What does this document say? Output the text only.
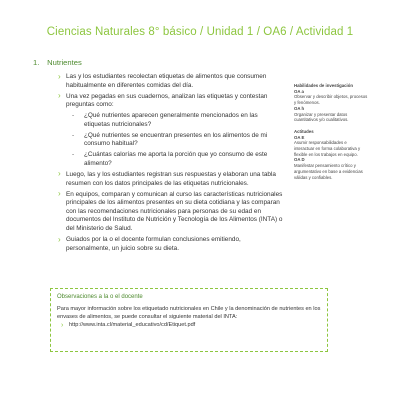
Ciencias Naturales 8° básico / Unidad 1 / OA6 / Actividad 1
1. Nutrientes
› Las y los estudiantes recolectan etiquetas de alimentos que consumen habitualmente en diferentes comidas del día.
› Una vez pegadas en sus cuadernos, analizan las etiquetas y contestan preguntas como:
- ¿Qué nutrientes aparecen generalmente mencionados en las etiquetas nutricionales?
- ¿Qué nutrientes se encuentran presentes en los alimentos de mi consumo habitual?
- ¿Cuántas calorías me aporta la porción que yo consumo de este alimento?
› Luego, las y los estudiantes registran sus respuestas y elaboran una tabla resumen con los datos principales de las etiquetas nutricionales.
› En equipos, comparan y comunican al curso las características nutricionales principales de los alimentos presentes en su dieta cotidiana y las comparan con las recomendaciones nutricionales para personas de su edad en documentos del Instituto de Nutrición y Tecnología de los Alimentos (INTA) o del Ministerio de Salud.
› Guiados por la o el docente formulan conclusiones emitiendo, personalmente, un juicio sobre su dieta.
Habilidades de investigación
OA a
Observar y describir objetos, procesos y fenómenos.
OA h
Organizar y presentar datos cuantitativos y/o cualitativos.
Actitudes
OA E
Asumir responsabilidades e interactuar en forma colaborativa y flexible en los trabajos en equipo.
OA D
Manifestar pensamiento crítico y argumentativo en base a evidencias válidas y confiables.
Observaciones a la o el docente
Para mayor información sobre los etiquetado nutricionales en Chile y la denominación de nutrientes en los envases de alimentos, se puede consultar el siguiente material del INTA:
› http://www.inta.cl/material_educativo/cd/Etiquet.pdf
